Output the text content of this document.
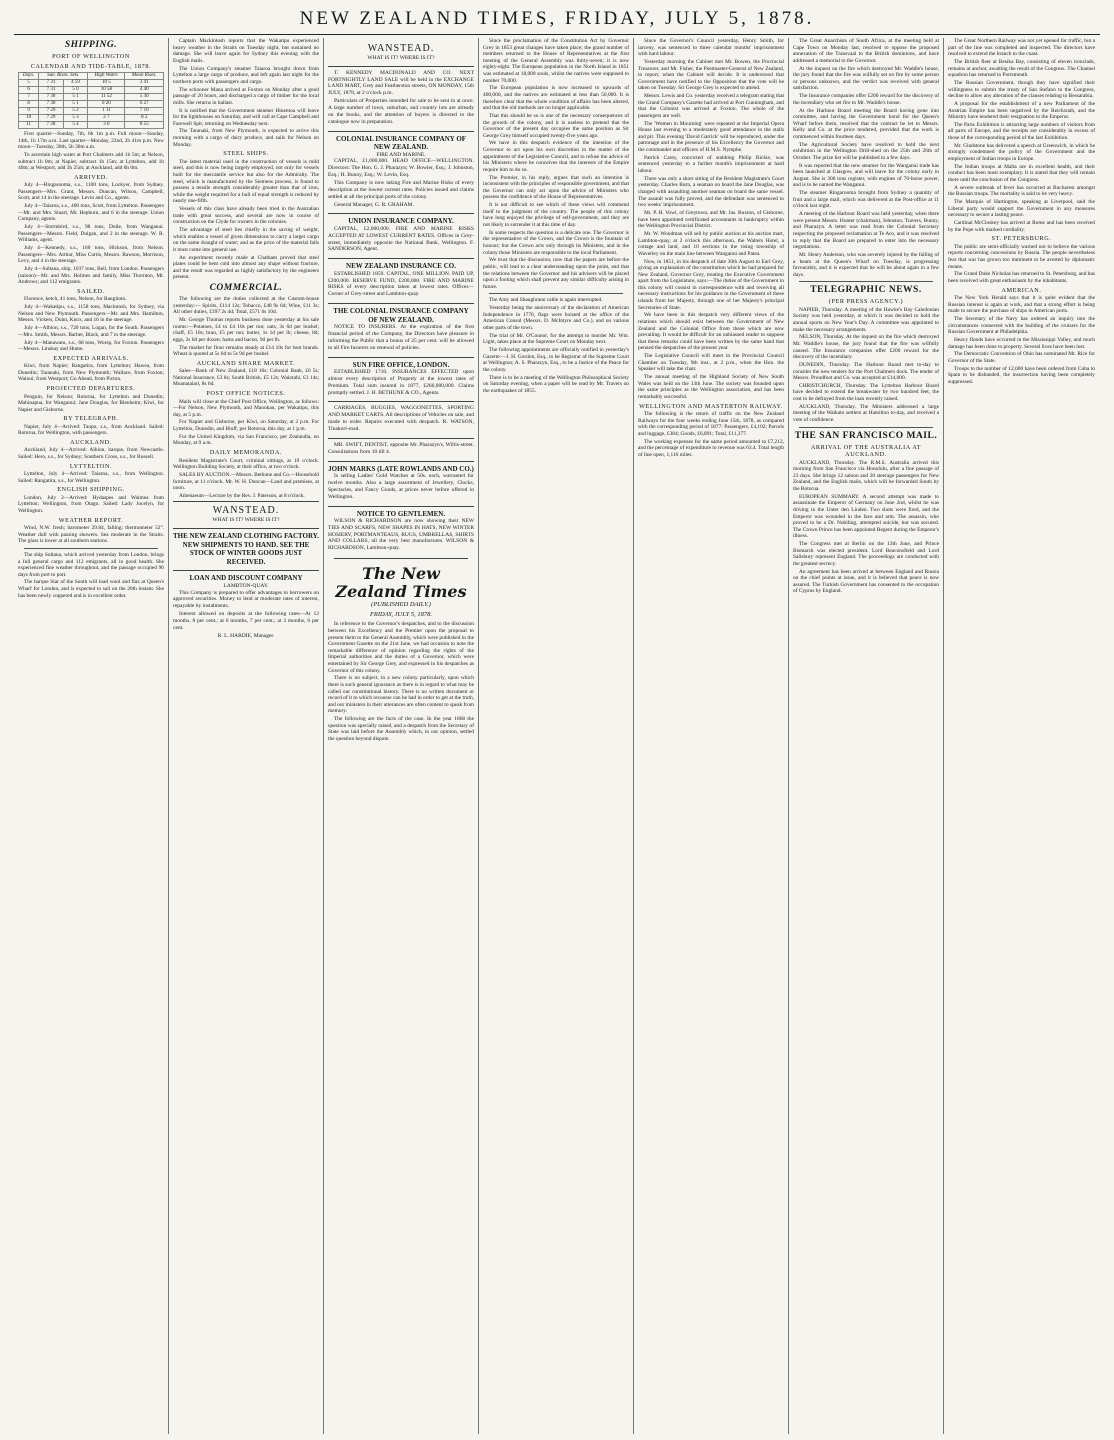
NEW ZEALAND TIMES, FRIDAY, JULY 5, 1878.
SHIPPING.
PORT OF WELLINGTON
CALENDAR AND TIDE-TABLE, 1878.
Days.	Sun. Rises. Sets.		High Water.	Moon Rises.
5	7 31	4 59	10 5	3 41
6	7 31	5 0	10 58	4 40
7	7 30	5 1	11 52	5 30
8	7 30	5 1	0 20	6 27
9	7 29	5 2	1 11	7 10
10	7 29	5 3	2 7	8 2
11	7 28	5 4	3 0	8 55

First quarter—Sunday, 7th, 6h 1m p.m. Full moon—Sunday, 14th, 1h 17m a.m. Last quarter—Monday, 22nd, 2h 41m p.m. New moon—Tuesday, 30th, 5h 30m a.m.

To ascertain high water at Port Chalmers add 1h 5m; at Nelson, subtract 1h 0m; at Napier, subtract 1h 15m; at Lyttelton, add 1h 40m; at Westport, add 3h 25m; at Auckland, add 6h 0m.

ARRIVED.

July 4—Ringarooma, s.s., 1100 tons, Lockyer, from Sydney. Passengers—Mrs. Grant, Messrs. Duncan, Wilson, Campbell, Scott, and 14 in the steerage. Levin and Co., agents.

July 4—Taiaroa, s.s., 400 tons, Scott, from Lyttelton. Passengers—Mr. and Mrs. Stuart, Mr. Hepburn, and 6 in the steerage. Union Company, agents.

July 4—Stormbird, s.s., 98 tons, Doile, from Wanganui. Passengers—Messrs. Field, Duigan, and 2 in the steerage. W. R. Williams, agent.

July 4—Kennedy, s.s., 160 tons, Hickson, from Nelson. Passengers—Mrs. Arthur, Miss Curtis, Messrs. Rawson, Morrison, Levy, and 4 in the steerage.

July 4—Sultana, ship, 1037 tons, Bell, from London. Passengers (saloon)—Mr. and Mrs. Holmes and family, Miss Thornton, Mr. Andrews; and 112 emigrants.

SAILED.

Florence, ketch, 41 tons, Nelson, for Rangitoto.

July 4—Wakatipu, s.s., 1158 tons, Macintosh, for Sydney, via Nelson and New Plymouth. Passengers—Mr. and Mrs. Hamilton, Messrs. Vickers, Dunn, Knox, and 16 in the steerage.

July 4—Albion, s.s., 720 tons, Logan, for the South. Passengers—Mrs. Smith, Messrs. Barber, Black, and 7 in the steerage.

July 4—Manawatu, s.s., 68 tons, Worsp, for Foxton. Passengers—Messrs. Lindsay and Hume.

EXPECTED ARRIVALS.

Kiwi, from Napier; Rangatira, from Lyttelton; Hawea, from Dunedin; Taranaki, from New Plymouth; Wallace, from Foxton; Wainui, from Westport; Go Ahead, from Picton.

PROJECTED DEPARTURES.

Penguin, for Nelson; Rotorua, for Lyttelton and Dunedin; Mahinapua, for Wanganui; Jane Douglas, for Blenheim; Kiwi, for Napier and Gisborne.

BY TELEGRAPH.

Napier, July 4—Arrived: Taupo, s.s., from Auckland. Sailed: Rotorua, for Wellington, with passengers.

AUCKLAND.

Auckland, July 4—Arrived: Albion, barque, from Newcastle. Sailed: Hero, s.s., for Sydney; Southern Cross, s.s., for Russell.

LYTTELTON.

Lyttelton, July 4—Arrived: Taiaroa, s.s., from Wellington. Sailed: Rangatira, s.s., for Wellington.

ENGLISH SHIPPING.

London, July 2—Arrived: Hydaspes and Waimea from Lyttelton; Wellington, from Otago. Sailed: Lady Jocelyn, for Wellington.

WEATHER REPORT.

Wind, N.W. fresh; barometer 29.84, falling; thermometer 52°. Weather dull with passing showers. Sea moderate in the Straits. The glass is lower at all southern stations.

The ship Sultana, which arrived yesterday from London, brings a full general cargo and 112 emigrants, all in good health. She experienced fine weather throughout, and the passage occupied 96 days from port to port.

The barque Star of the South will load wool and flax at Queen's Wharf for London, and is expected to sail on the 20th instant. She has been newly coppered and is in excellent order.

Captain Mackintosh reports that the Wakatipu experienced heavy weather in the Straits on Tuesday night, but sustained no damage. She will leave again for Sydney this evening with the English mails.

The Union Company's steamer Taiaroa brought down from Lyttelton a large cargo of produce, and left again last night for the northern ports with passengers and cargo.

The schooner Mana arrived at Foxton on Monday after a good passage of 20 hours, and discharged a cargo of timber for the local mills. She returns in ballast.

It is notified that the Government steamer Hinemoa will leave for the lighthouses on Saturday, and will call at Cape Campbell and Farewell Spit, returning on Wednesday next.

The Taranaki, from New Plymouth, is expected to arrive this morning with a cargo of dairy produce, and sails for Nelson on Monday.

STEEL SHIPS.

The latest material used in the construction of vessels is mild steel, and this is now being largely employed, not only for vessels built for the mercantile service but also for the Admiralty. The steel, which is manufactured by the Siemens process, is found to possess a tensile strength considerably greater than that of iron, while the weight required for a hull of equal strength is reduced by nearly one-fifth.

Vessels of this class have already been tried in the Australian trade with great success, and several are now in course of construction on the Clyde for owners in the colonies.

The advantage of steel lies chiefly in the saving of weight, which enables a vessel of given dimensions to carry a larger cargo on the same draught of water; and as the price of the material falls it must come into general use.

An experiment recently made at Chatham proved that steel plates could be bent cold into almost any shape without fracture, and the result was regarded as highly satisfactory by the engineers present.

COMMERCIAL.

The following are the duties collected at the Custom-house yesterday:— Spirits, £114 12s; Tobacco, £48 9s 6d; Wine, £11 3s; All other duties, £397 2s 4d; Total, £571 6s 10d.

Mr. George Thomas reports business done yesterday at his sale rooms:—Potatoes, £4 to £4 10s per ton; oats, 3s 6d per bushel; chaff, £5 10s; bran, £5 per ton; butter, 1s 1d per lb; cheese, 8d; eggs, 2s 6d per dozen; hams and bacon, 9d per lb.

The market for flour remains steady at £14 10s for best brands. Wheat is quoted at 5s 6d to 5s 9d per bushel.

AUCKLAND SHARE MARKET.

Sales—Bank of New Zealand, £18 10s; Colonial Bank, £6 5s; National Insurance, £3 8s; South British, £5 12s; Waiotahi, £3 14s; Moanataiari, 8s 6d.

POST OFFICE NOTICES.

Mails will close at the Chief Post Office, Wellington, as follows:—For Nelson, New Plymouth, and Manukau, per Wakatipu, this day, at 5 p.m.

For Napier and Gisborne, per Kiwi, on Saturday, at 2 p.m. For Lyttelton, Dunedin, and Bluff, per Rotorua, this day, at 1 p.m.

For the United Kingdom, via San Francisco, per Zealandia, on Monday, at 9 a.m.

DAILY MEMORANDA.

Resident Magistrate's Court, criminal sittings, at 10 o'clock. Wellington Building Society, at their office, at two o'clock.

SALES BY AUCTION.—Messrs. Bethune and Co.—Household furniture, at 11 o'clock. Mr. W. H. Duncan—Land and premises, at noon.

Athenaeum—Lecture by the Rev. J. Paterson, at 8 o'clock.

WANSTEAD.
WHAT IS IT? WHERE IS IT?
THE NEW ZEALAND CLOTHING FACTORY. NEW SHIPMENTS TO HAND. SEE THE STOCK OF WINTER GOODS JUST RECEIVED.
LOAN AND DISCOUNT COMPANY
LAMBTON-QUAY.

This Company is prepared to offer advantages to borrowers on approved securities. Money to lend at moderate rates of interest, repayable by instalments.

Interest allowed on deposits at the following rates—At 12 months, 8 per cent.; at 6 months, 7 per cent.; at 3 months, 6 per cent.

R. L. HARDIE, Manager.
WANSTEAD.
WHAT IS IT? WHERE IS IT?

T. KENNEDY MACDONALD AND CO. NEXT FORTNIGHTLY LAND SALE will be held in the EXCHANGE LAND MART, Grey and Featherston streets, ON MONDAY, 15th JULY, 1878, at 2 o'clock p.m.

Particulars of Properties intended for sale to be sent in at once. A large number of town, suburban, and country lots are already on the books, and the attention of buyers is directed to the catalogue now in preparation.

COLONIAL INSURANCE COMPANY OF NEW ZEALAND.
FIRE AND MARINE.

CAPITAL, £1,000,000. HEAD OFFICE—WELLINGTON. Directors: The Hon. G. J. Pharazyn; W. Bowler, Esq.; J. Johnston, Esq.; H. Bunny, Esq.; W. Levin, Esq.

This Company is now taking Fire and Marine Risks of every description at the lowest current rates. Policies issued and claims settled at all the principal ports of the colony.

General Manager, G. R. GRAHAM.

UNION INSURANCE COMPANY.

CAPITAL, £2,000,000. FIRE AND MARINE RISKS ACCEPTED AT LOWEST CURRENT RATES. Offices in Grey-street, immediately opposite the National Bank, Wellington. F. SANDERSON, Agent.

NEW ZEALAND INSURANCE CO.

ESTABLISHED 1859. CAPITAL, ONE MILLION. PAID UP, £200,000. RESERVE FUND, £200,000. FIRE AND MARINE RISKS of every description taken at lowest rates. Offices—Corner of Grey-street and Lambton-quay.

THE COLONIAL INSURANCE COMPANY OF NEW ZEALAND.

NOTICE TO INSURERS. At the expiration of the first financial period of the Company, the Directors have pleasure in informing the Public that a bonus of 25 per cent. will be allowed to all Fire Insurers on renewal of policies.

SUN FIRE OFFICE, LONDON.

ESTABLISHED 1710. INSURANCES EFFECTED upon almost every description of Property at the lowest rates of Premium. Total sum insured in 1877, £266,000,000. Claims promptly settled. J. H. BETHUNE & CO., Agents.

CARRIAGES, BUGGIES, WAGGONETTES, SPORTING AND MARKET CARTS. All descriptions of Vehicles on sale, and made to order. Repairs executed with despatch. R. WATSON, Tinakori-road.

MR. SWIFT, DENTIST, opposite Mr. Pharazyn's, Willis-street. Consultations from 10 till 4.

JOHN MARKS (LATE ROWLANDS AND CO.)

Is selling Ladies' Gold Watches at 50s. each, warranted for twelve months. Also a large assortment of Jewellery, Clocks, Spectacles, and Fancy Goods, at prices never before offered in Wellington.

NOTICE TO GENTLEMEN.

WILSON & RICHARDSON are now showing their NEW TIES AND SCARFS, NEW SHAPES IN HATS, NEW WINTER HOSIERY, PORTMANTEAUS, RUGS, UMBRELLAS, SHIRTS AND COLLARS, all the very best manufactures. WILSON & RICHARDSON, Lambton-quay.

The New Zealand Times
(PUBLISHED DAILY.)
FRIDAY, JULY 5, 1878.

In reference to the Governor's despatches, and to the discussion between his Excellency and the Premier upon the proposal to present them to the General Assembly, which were published in the Government Gazette on the 21st June, we had occasion to note the remarkable difference of opinion regarding the rights of the Imperial authorities and the duties of a Governor, which were entertained by Sir George Grey, and expressed in his despatches as Governor of this colony.

There is no subject, in a new colony particularly, upon which there is such general ignorance as there is in regard to what may be called our constitutional history. There is no written document or record of it to which recourse can be had in order to get at the truth, and our ministers in their utterances are often content to speak from memory.

The following are the facts of the case. In the year 1868 the question was specially raised, and a despatch from the Secretary of State was laid before the Assembly which, in our opinion, settled the question beyond dispute.

Since the proclamation of the Constitution Act by Governor Grey in 1853 great changes have taken place; the grand number of members returned to the House of Representatives at the first meeting of the General Assembly was thirty-seven; it is now eighty-eight. The European population in the North Island in 1851 was estimated at 18,000 souls, whilst the natives were supposed to number 70,000.

The European population is now increased to upwards of 400,000, and the natives are estimated at less than 50,000. It is therefore clear that the whole condition of affairs has been altered, and that the old methods are no longer applicable.

That this should be so is one of the necessary consequences of the growth of the colony, and it is useless to pretend that the Governor of the present day occupies the same position as Sir George Grey himself occupied twenty-five years ago.

We have in this despatch evidence of the intention of the Governor to act upon his own discretion in the matter of the appointment of the Legislative Council, and to refuse the advice of his Ministers where he conceives that the interests of the Empire require him to do so.

The Premier, in his reply, argues that such an intention is inconsistent with the principles of responsible government, and that the Governor can only act upon the advice of Ministers who possess the confidence of the House of Representatives.

It is not difficult to see which of these views will commend itself to the judgment of the country. The people of this colony have long enjoyed the privilege of self-government, and they are not likely to surrender it at this time of day.

In some respects the question is a delicate one. The Governor is the representative of the Crown, and the Crown is the fountain of honour; but the Crown acts only through its Ministers, and in the colony those Ministers are responsible to the local Parliament.

We trust that the discussion, now that the papers are before the public, will lead to a clear understanding upon the point, and that the relations between the Governor and his advisers will be placed upon a footing which shall prevent any similar difficulty arising in future.

The Amy and Shaughraun cable is again interrupted.

Yesterday being the anniversary of the declaration of American Independence in 1776, flags were hoisted at the office of the American Consul (Messrs. D. McIntyre and Co.), and on various other parts of the town.

The trial of Mr. O'Connor, for the attempt to murder Mr. Wm. Light, takes place at the Supreme Court on Monday next.

The following appointments are officially notified in yesterday's Gazette:—J. H. Gordon, Esq., to be Registrar of the Supreme Court at Wellington; A. S. Pharazyn, Esq., to be a Justice of the Peace for the colony.

There is to be a meeting of the Wellington Philosophical Society on Saturday evening, when a paper will be read by Mr. Travers on the earthquakes of 1855.

Since the Governor's Council yesterday, Henry Smith, for larceny, was sentenced to three calendar months' imprisonment with hard labour.

Yesterday morning the Cabinet met Mr. Bowen, the Provincial Treasurer, and Mr. Fisher, the Postmaster-General of New Zealand, to report, when the Cabinet will decide. It is understood that Government have notified to the Opposition that the vote will be taken on Tuesday. Sir George Grey is expected to attend.

Messrs. Lewis and Co. yesterday received a telegram stating that the Grand Company's Gazette had arrived at Port Cunningham, and that the Colonist was arrived at Foxton. The whole of the passengers are well.

The 'Women in Mourning' were repeated at the Imperial Opera House last evening to a moderately good attendance in the stalls and pit. This evening 'David Garrick' will be reproduced, under the patronage and in the presence of his Excellency the Governor and the commander and officers of H.M.S. Nymphe.

Patrick Carey, convicted of stabbing Philip Rickie, was sentenced yesterday to a further month's imprisonment at hard labour.

There was only a short sitting of the Resident Magistrate's Court yesterday. Charles Burn, a seaman on board the Jane Douglas, was charged with assaulting another seaman on board the same vessel. The assault was fully proved, and the defendant was sentenced to two weeks' imprisonment.

Mr. P. H. Vowl, of Greytown, and Mr. Jas. Buxton, of Gisborne, have been appointed certificated accountants in bankruptcy within the Wellington Provincial District.

Mr. W. Woodman will sell by public auction at his auction mart, Lambton-quay, at 2 o'clock this afternoon, the Walters Hotel, a cottage and land, and 10 sections in the rising township of Waverley on the main line between Wanganui and Patea.

Now, in 1851, in his despatch of date 30th August to Earl Grey, giving an explanation of the constitution which he had prepared for New Zealand, Governor Grey, treating the Executive Government apart from the Legislature, says:—The duties of the Government in this colony will consist in correspondence with and receiving all necessary instructions for his guidance in the Government of these islands from her Majesty, through one of her Majesty's principal Secretaries of State.

We have been in this despatch very different views of the relations which should exist between the Government of New Zealand and the Colonial Office from those which are now prevailing. It would be difficult for an unbiassed reader to suppose that these remarks could have been written by the same hand that penned the despatches of the present year.

The Legislative Council will meet in the Provincial Council Chamber on Tuesday, 9th inst., at 2 p.m., when the Hon. the Speaker will take the chair.

The annual meeting of the Highland Society of New South Wales was held on the 13th June. The society was founded upon the same principles as the Wellington association, and has been remarkably successful.

WELLINGTON AND MASTERTON RAILWAY.

The following is the return of traffic on the New Zealand Railways for the four weeks ending June 15th, 1878, as compared with the corresponding period of 1877: Passengers, £4,102; Parcels and luggage, £384; Goods, £6,891; Total, £11,377.

The working expenses for the same period amounted to £7,212, and the percentage of expenditure to revenue was 63.4. Total length of line open, 1,116 miles.

The Great Anarchists of South Africa, at the meeting held at Cape Town on Monday last, resolved to oppose the proposed annexation of the Transvaal to the British dominions, and have addressed a memorial to the Governor.

At the inquest on the fire which destroyed Mr. Waddle's house, the jury found that the fire was wilfully set on fire by some person or persons unknown, and the verdict was received with general satisfaction.

The Insurance companies offer £200 reward for the discovery of the incendiary who set fire to Mr. Waddle's house.

At the Harbour Board meeting the Board having gone into committee, and having the Government bond for the Queen's Wharf before them, resolved that the contract be let to Messrs. Kelly and Co. at the price tendered, provided that the work is commenced within fourteen days.

The Agricultural Society have resolved to hold the next exhibition in the Wellington Drill-shed on the 25th and 26th of October. The prize list will be published in a few days.

It was reported that the new steamer for the Wanganui trade has been launched at Glasgow, and will leave for the colony early in August. She is 300 tons register, with engines of 70-horse power, and is to be named the Wanganui.

The steamer Ringarooma brought from Sydney a quantity of fruit and a large mail, which was delivered at the Post-office at 11 o'clock last night.

A meeting of the Harbour Board was held yesterday, when there were present Messrs. Hunter (chairman), Johnston, Travers, Bunny, and Pharazyn. A letter was read from the Colonial Secretary respecting the proposed reclamation at Te Aro, and it was resolved to reply that the Board are prepared to enter into the necessary negotiations.

Mr. Henry Anderson, who was severely injured by the falling of a beam at the Queen's Wharf on Tuesday, is progressing favourably, and it is expected that he will be about again in a few days.

TELEGRAPHIC NEWS.
(PER PRESS AGENCY.)

NAPIER, Thursday. A meeting of the Hawke's Bay Caledonian Society was held yesterday, at which it was decided to hold the annual sports on New Year's Day. A committee was appointed to make the necessary arrangements.

NELSON, Thursday. At the inquest on the fire which destroyed Mr. Waddle's house, the jury found that the fire was wilfully caused. The Insurance companies offer £200 reward for the discovery of the incendiary.

DUNEDIN, Thursday. The Harbour Board met to-day to consider the new tenders for the Port Chalmers dock. The tender of Messrs. Proudfoot and Co. was accepted at £14,000.

CHRISTCHURCH, Thursday. The Lyttelton Harbour Board have decided to extend the breakwater by two hundred feet, the cost to be defrayed from the loan recently raised.

AUCKLAND, Thursday. The Ministers addressed a large meeting of the Waikato settlers at Hamilton to-day, and received a vote of confidence.

THE SAN FRANCISCO MAIL.
ARRIVAL OF THE AUSTRALIA AT AUCKLAND.

AUCKLAND, Thursday. The R.M.S. Australia arrived this morning from San Francisco via Honolulu, after a fine passage of 23 days. She brings 12 saloon and 20 steerage passengers for New Zealand, and the English mails, which will be forwarded South by the Rotorua.

EUROPEAN SUMMARY. A second attempt was made to assassinate the Emperor of Germany on June 2nd, whilst he was driving in the Unter den Linden. Two shots were fired, and the Emperor was wounded in the face and arm. The assassin, who proved to be a Dr. Nobiling, attempted suicide, but was secured. The Crown Prince has been appointed Regent during the Emperor's illness.

The Congress met at Berlin on the 13th June, and Prince Bismarck was elected president. Lord Beaconsfield and Lord Salisbury represent England. The proceedings are conducted with the greatest secrecy.

An agreement has been arrived at between England and Russia on the chief points at issue, and it is believed that peace is now assured. The Turkish Government has consented to the occupation of Cyprus by England.

The Great Northern Railway was not yet opened for traffic, but a part of the line was completed and inspected. The directors have resolved to extend the branch to the coast.

The British fleet at Besika Bay, consisting of eleven ironclads, remains at anchor, awaiting the result of the Congress. The Channel squadron has returned to Portsmouth.

The Russian Government, though they have signified their willingness to submit the treaty of San Stefano to the Congress, decline to allow any alteration of the clauses relating to Bessarabia.

A proposal for the establishment of a new Parliament of the Austrian Empire has been negatived by the Reichsrath, and the Ministry have tendered their resignation to the Emperor.

The Paris Exhibition is attracting large numbers of visitors from all parts of Europe, and the receipts are considerably in excess of those of the corresponding period of the last Exhibition.

Mr. Gladstone has delivered a speech at Greenwich, in which he strongly condemned the policy of the Government and the employment of Indian troops in Europe.

The Indian troops at Malta are in excellent health, and their conduct has been most exemplary. It is stated that they will remain there until the conclusion of the Congress.

A severe outbreak of fever has occurred at Bucharest amongst the Russian troops. The mortality is said to be very heavy.

The Marquis of Hartington, speaking at Liverpool, said the Liberal party would support the Government in any measures necessary to secure a lasting peace.

Cardinal McCloskey has arrived at Rome and has been received by the Pope with marked cordiality.

ST. PETERSBURG.

The public are semi-officially warned not to believe the various reports concerning concessions by Russia. The people nevertheless fear that war has grown too imminent to be averted by diplomatic means.

The Grand Duke Nicholas has returned to St. Petersburg, and has been received with great enthusiasm by the inhabitants.

AMERICAN.

The New York Herald says that it is quite evident that the Russian interest is again at work, and that a strong effort is being made to secure the purchase of ships in American ports.

The Secretary of the Navy has ordered an inquiry into the circumstances connected with the building of the cruisers for the Russian Government at Philadelphia.

Heavy floods have occurred in the Mississippi Valley, and much damage has been done to property. Several lives have been lost.

The Democratic Convention of Ohio has nominated Mr. Rice for Governor of the State.

Troops to the number of 12,000 have been ordered from Cuba to Spain to be disbanded, the insurrection having been completely suppressed.
